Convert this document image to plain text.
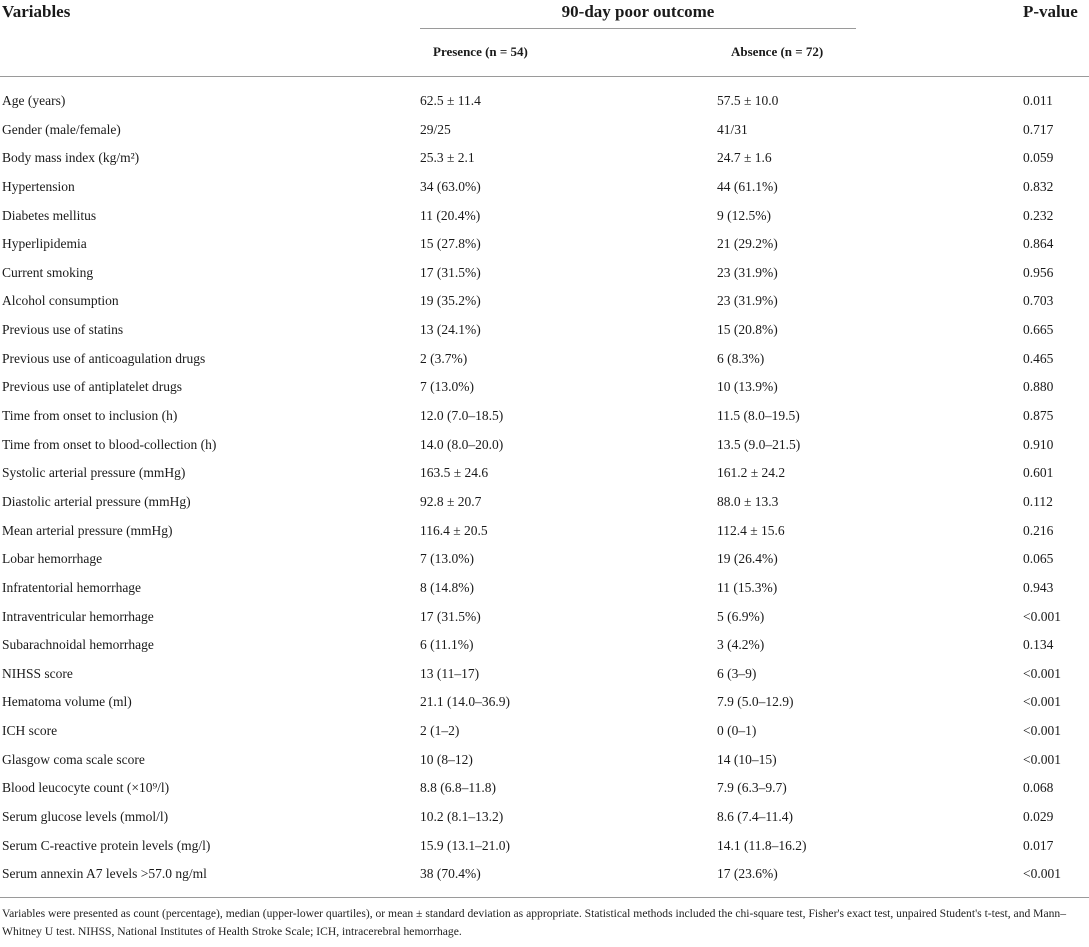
Variables	90-day poor outcome	P-value
Presence (n = 54)	Absence (n = 72)
Age (years)	62.5 ± 11.4	57.5 ± 10.0	0.011
Gender (male/female)	29/25	41/31	0.717
Body mass index (kg/m²)	25.3 ± 2.1	24.7 ± 1.6	0.059
Hypertension	34 (63.0%)	44 (61.1%)	0.832
Diabetes mellitus	11 (20.4%)	9 (12.5%)	0.232
Hyperlipidemia	15 (27.8%)	21 (29.2%)	0.864
Current smoking	17 (31.5%)	23 (31.9%)	0.956
Alcohol consumption	19 (35.2%)	23 (31.9%)	0.703
Previous use of statins	13 (24.1%)	15 (20.8%)	0.665
Previous use of anticoagulation drugs	2 (3.7%)	6 (8.3%)	0.465
Previous use of antiplatelet drugs	7 (13.0%)	10 (13.9%)	0.880
Time from onset to inclusion (h)	12.0 (7.0–18.5)	11.5 (8.0–19.5)	0.875
Time from onset to blood-collection (h)	14.0 (8.0–20.0)	13.5 (9.0–21.5)	0.910
Systolic arterial pressure (mmHg)	163.5 ± 24.6	161.2 ± 24.2	0.601
Diastolic arterial pressure (mmHg)	92.8 ± 20.7	88.0 ± 13.3	0.112
Mean arterial pressure (mmHg)	116.4 ± 20.5	112.4 ± 15.6	0.216
Lobar hemorrhage	7 (13.0%)	19 (26.4%)	0.065
Infratentorial hemorrhage	8 (14.8%)	11 (15.3%)	0.943
Intraventricular hemorrhage	17 (31.5%)	5 (6.9%)	<0.001
Subarachnoidal hemorrhage	6 (11.1%)	3 (4.2%)	0.134
NIHSS score	13 (11–17)	6 (3–9)	<0.001
Hematoma volume (ml)	21.1 (14.0–36.9)	7.9 (5.0–12.9)	<0.001
ICH score	2 (1–2)	0 (0–1)	<0.001
Glasgow coma scale score	10 (8–12)	14 (10–15)	<0.001
Blood leucocyte count (×10⁹/l)	8.8 (6.8–11.8)	7.9 (6.3–9.7)	0.068
Serum glucose levels (mmol/l)	10.2 (8.1–13.2)	8.6 (7.4–11.4)	0.029
Serum C-reactive protein levels (mg/l)	15.9 (13.1–21.0)	14.1 (11.8–16.2)	0.017
Serum annexin A7 levels >57.0 ng/ml	38 (70.4%)	17 (23.6%)	<0.001
Variables were presented as count (percentage), median (upper-lower quartiles), or mean ± standard deviation as appropriate. Statistical methods included the chi-square test, Fisher's exact test, unpaired Student's t-test, and Mann–Whitney U test. NIHSS, National Institutes of Health Stroke Scale; ICH, intracerebral hemorrhage.
